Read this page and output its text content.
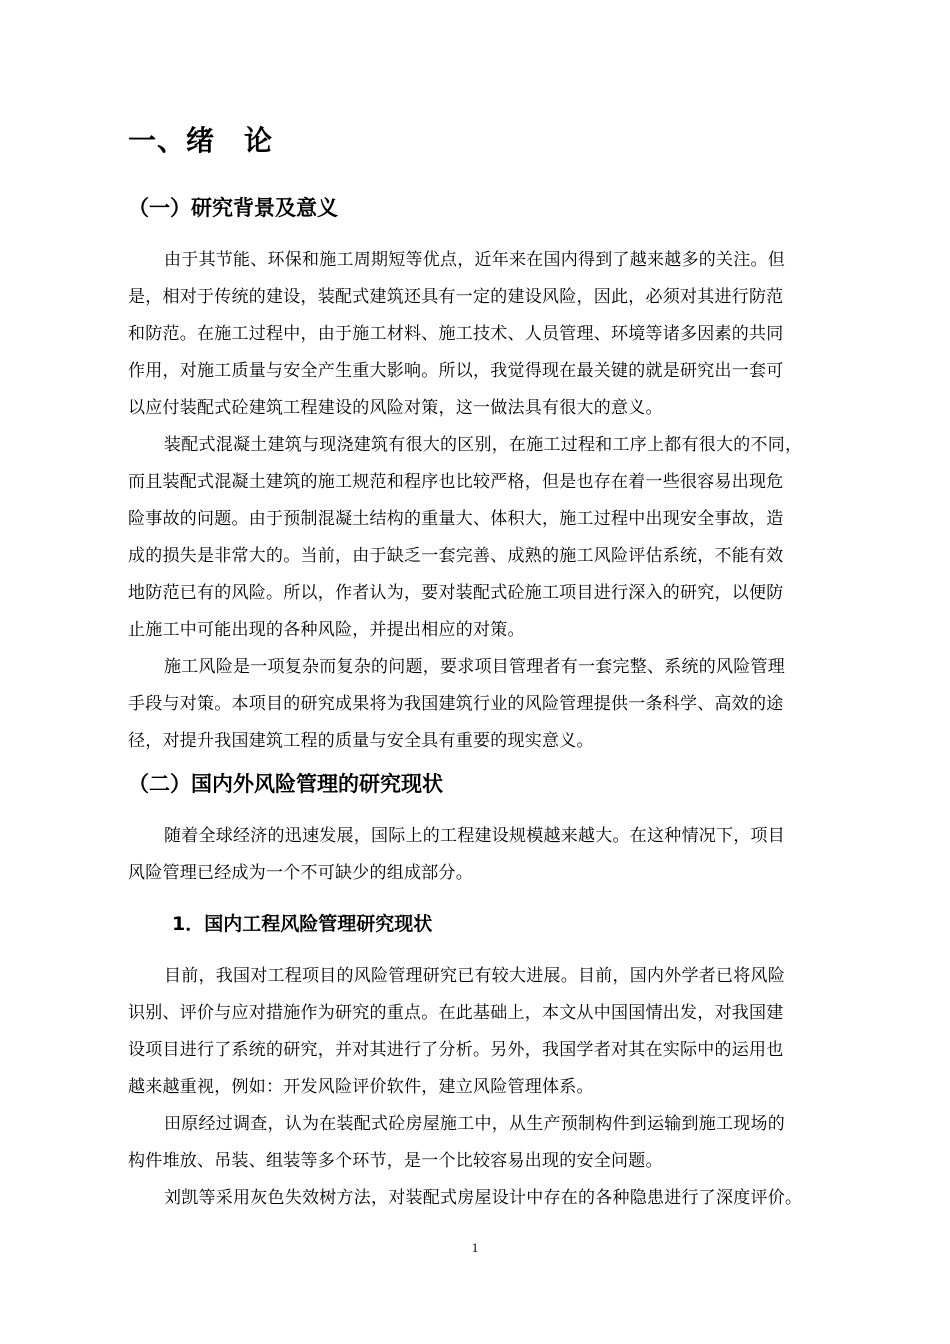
一、绪　论
（一）研究背景及意义
由于其节能、环保和施工周期短等优点，近年来在国内得到了越来越多的关注。但
是，相对于传统的建设，装配式建筑还具有一定的建设风险，因此，必须对其进行防范
和防范。在施工过程中，由于施工材料、施工技术、人员管理、环境等诸多因素的共同
作用，对施工质量与安全产生重大影响。所以，我觉得现在最关键的就是研究出一套可
以应付装配式砼建筑工程建设的风险对策，这一做法具有很大的意义。
装配式混凝土建筑与现浇建筑有很大的区别，在施工过程和工序上都有很大的不同，
而且装配式混凝土建筑的施工规范和程序也比较严格，但是也存在着一些很容易出现危
险事故的问题。由于预制混凝土结构的重量大、体积大，施工过程中出现安全事故，造
成的损失是非常大的。当前，由于缺乏一套完善、成熟的施工风险评估系统，不能有效
地防范已有的风险。所以，作者认为，要对装配式砼施工项目进行深入的研究，以便防
止施工中可能出现的各种风险，并提出相应的对策。
施工风险是一项复杂而复杂的问题，要求项目管理者有一套完整、系统的风险管理
手段与对策。本项目的研究成果将为我国建筑行业的风险管理提供一条科学、高效的途
径，对提升我国建筑工程的质量与安全具有重要的现实意义。
（二）国内外风险管理的研究现状
随着全球经济的迅速发展，国际上的工程建设规模越来越大。在这种情况下，项目
风险管理已经成为一个不可缺少的组成部分。
1．国内工程风险管理研究现状
目前，我国对工程项目的风险管理研究已有较大进展。目前，国内外学者已将风险
识别、评价与应对措施作为研究的重点。在此基础上，本文从中国国情出发，对我国建
设项目进行了系统的研究，并对其进行了分析。另外，我国学者对其在实际中的运用也
越来越重视，例如：开发风险评价软件，建立风险管理体系。
田原经过调查，认为在装配式砼房屋施工中，从生产预制构件到运输到施工现场的
构件堆放、吊装、组装等多个环节，是一个比较容易出现的安全问题。
刘凯等采用灰色失效树方法，对装配式房屋设计中存在的各种隐患进行了深度评价。
1
